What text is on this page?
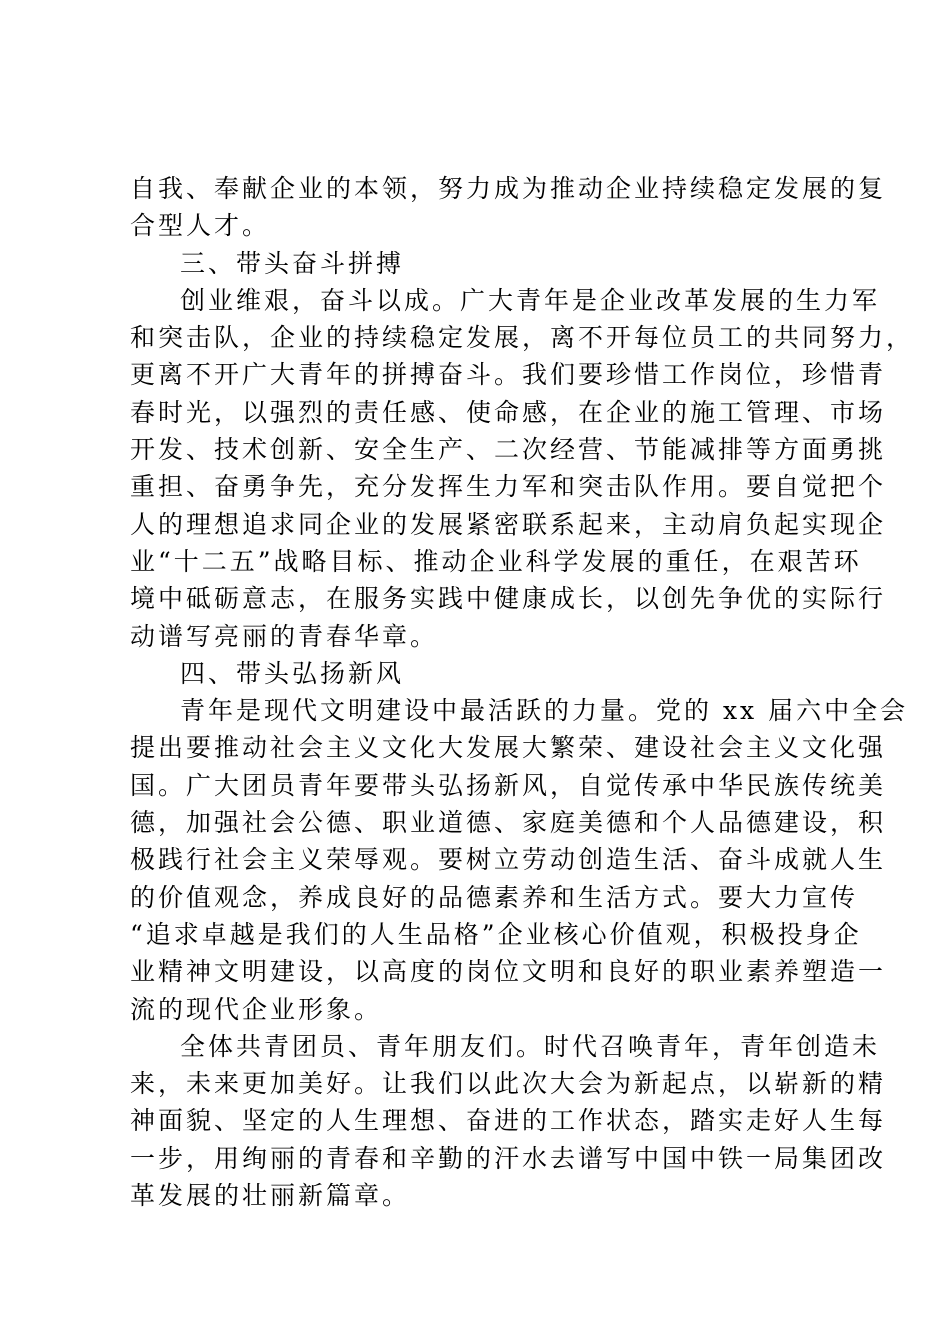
自我、奉献企业的本领，努力成为推动企业持续稳定发展的复
合型人才。
三、带头奋斗拼搏
创业维艰，奋斗以成。广大青年是企业改革发展的生力军
和突击队，企业的持续稳定发展，离不开每位员工的共同努力，
更离不开广大青年的拼搏奋斗。我们要珍惜工作岗位，珍惜青
春时光，以强烈的责任感、使命感，在企业的施工管理、市场
开发、技术创新、安全生产、二次经营、节能减排等方面勇挑
重担、奋勇争先，充分发挥生力军和突击队作用。要自觉把个
人的理想追求同企业的发展紧密联系起来，主动肩负起实现企
业“十二五”战略目标、推动企业科学发展的重任，在艰苦环
境中砥砺意志，在服务实践中健康成长，以创先争优的实际行
动谱写亮丽的青春华章。
四、带头弘扬新风
青年是现代文明建设中最活跃的力量。党的 xx 届六中全会
提出要推动社会主义文化大发展大繁荣、建设社会主义文化强
国。广大团员青年要带头弘扬新风，自觉传承中华民族传统美
德，加强社会公德、职业道德、家庭美德和个人品德建设，积
极践行社会主义荣辱观。要树立劳动创造生活、奋斗成就人生
的价值观念，养成良好的品德素养和生活方式。要大力宣传
“追求卓越是我们的人生品格”企业核心价值观，积极投身企
业精神文明建设，以高度的岗位文明和良好的职业素养塑造一
流的现代企业形象。
全体共青团员、青年朋友们。时代召唤青年，青年创造未
来，未来更加美好。让我们以此次大会为新起点，以崭新的精
神面貌、坚定的人生理想、奋进的工作状态，踏实走好人生每
一步，用绚丽的青春和辛勤的汗水去谱写中国中铁一局集团改
革发展的壮丽新篇章。
